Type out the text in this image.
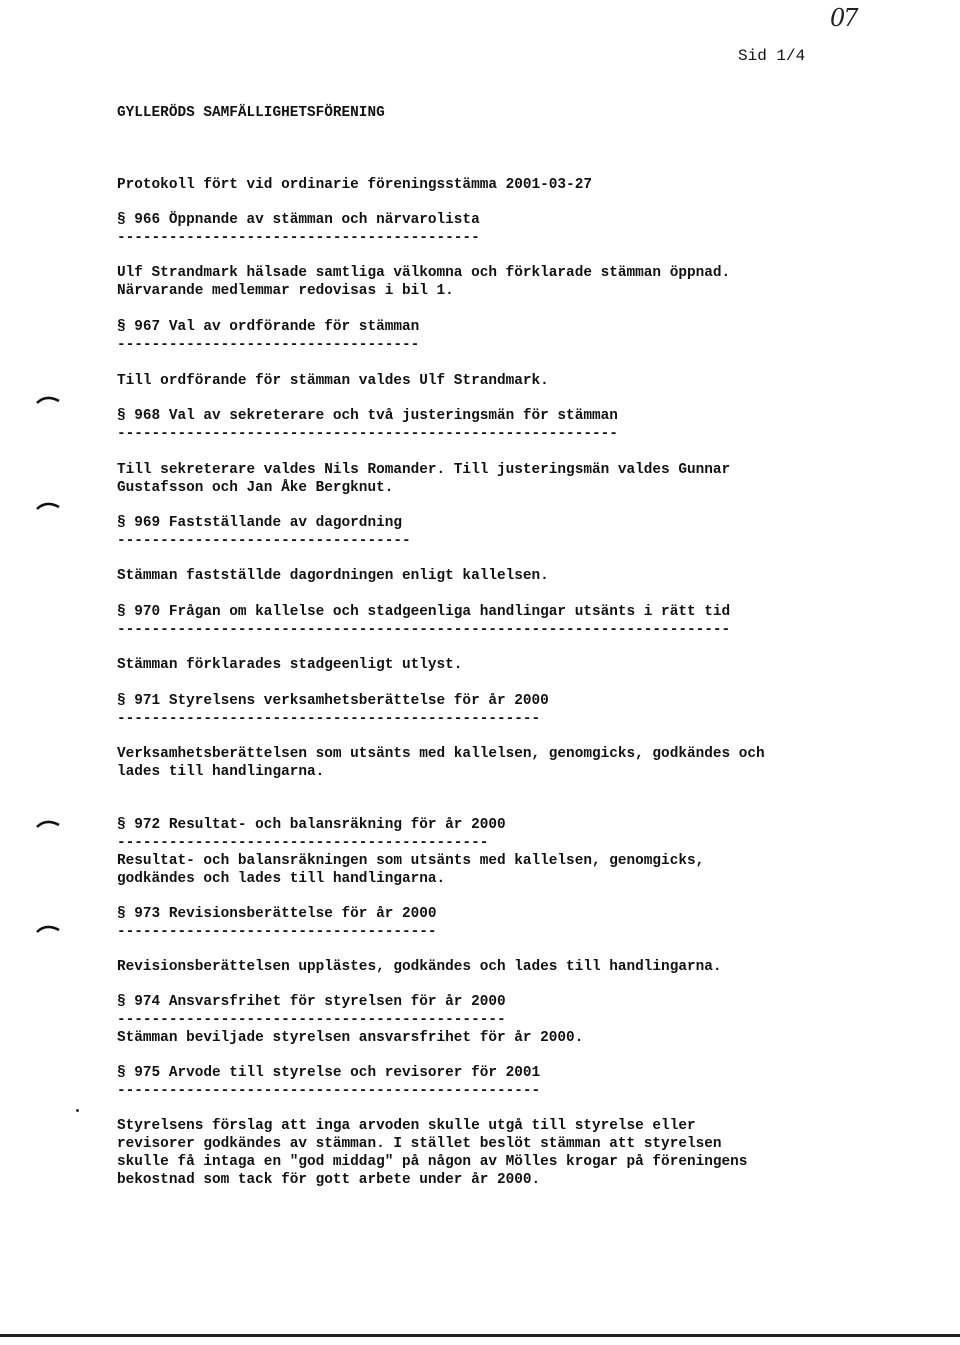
07
Sid 1/4
GYLLERÖDS SAMFÄLLIGHETSFÖRENING
Protokoll fört vid ordinarie föreningsstämma 2001-03-27
§ 966 Öppnande av stämman och närvarolista
------------------------------------------
Ulf Strandmark hälsade samtliga välkomna och förklarade stämman öppnad.
Närvarande medlemmar redovisas i bil 1.
§ 967 Val av ordförande för stämman
-----------------------------------
Till ordförande för stämman valdes Ulf Strandmark.
§ 968 Val av sekreterare och två justeringsmän för stämman
----------------------------------------------------------
Till sekreterare valdes Nils Romander. Till justeringsmän valdes Gunnar
Gustafsson och Jan Åke Bergknut.
§ 969 Fastställande av dagordning
----------------------------------
Stämman fastställde dagordningen enligt kallelsen.
§ 970 Frågan om kallelse och stadgeenliga handlingar utsänts i rätt tid
-----------------------------------------------------------------------
Stämman förklarades stadgeenligt utlyst.
§ 971 Styrelsens verksamhetsberättelse för år 2000
-------------------------------------------------
Verksamhetsberättelsen som utsänts med kallelsen, genomgicks, godkändes och
lades till handlingarna.
§ 972 Resultat- och balansräkning för år 2000
-------------------------------------------
Resultat- och balansräkningen som utsänts med kallelsen, genomgicks,
godkändes och lades till handlingarna.
§ 973 Revisionsberättelse för år 2000
-------------------------------------
Revisionsberättelsen upplästes, godkändes och lades till handlingarna.
§ 974 Ansvarsfrihet för styrelsen för år 2000
---------------------------------------------
Stämman beviljade styrelsen ansvarsfrihet för år 2000.
§ 975 Arvode till styrelse och revisorer för 2001
-------------------------------------------------
Styrelsens förslag att inga arvoden skulle utgå till styrelse eller
revisorer godkändes av stämman. I stället beslöt stämman att styrelsen
skulle få intaga en "god middag" på någon av Mölles krogar på föreningens
bekostnad som tack för gott arbete under år 2000.
